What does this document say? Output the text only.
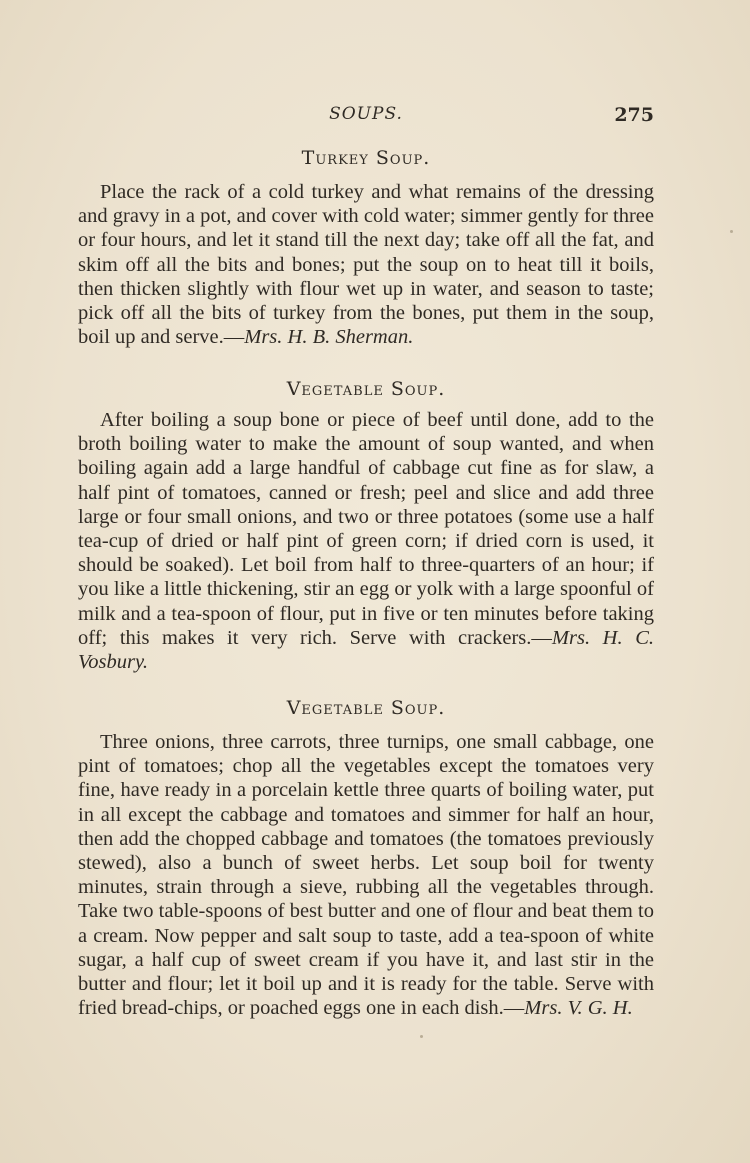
SOUPS.	275
Turkey Soup.
Place the rack of a cold turkey and what remains of the dressing and gravy in a pot, and cover with cold water; simmer gently for three or four hours, and let it stand till the next day; take off all the fat, and skim off all the bits and bones; put the soup on to heat till it boils, then thicken slightly with flour wet up in water, and season to taste; pick off all the bits of turkey from the bones, put them in the soup, boil up and serve.—Mrs. H. B. Sherman.
Vegetable Soup.
After boiling a soup bone or piece of beef until done, add to the broth boiling water to make the amount of soup wanted, and when boiling again add a large handful of cabbage cut fine as for slaw, a half pint of tomatoes, canned or fresh; peel and slice and add three large or four small onions, and two or three potatoes (some use a half tea-cup of dried or half pint of green corn; if dried corn is used, it should be soaked). Let boil from half to three-quarters of an hour; if you like a little thickening, stir an egg or yolk with a large spoonful of milk and a tea-spoon of flour, put in five or ten minutes before taking off; this makes it very rich. Serve with crackers.—Mrs. H. C. Vosbury.
Vegetable Soup.
Three onions, three carrots, three turnips, one small cabbage, one pint of tomatoes; chop all the vegetables except the tomatoes very fine, have ready in a porcelain kettle three quarts of boiling water, put in all except the cabbage and tomatoes and simmer for half an hour, then add the chopped cabbage and tomatoes (the tomatoes previously stewed), also a bunch of sweet herbs. Let soup boil for twenty minutes, strain through a sieve, rubbing all the vegetables through. Take two table-spoons of best butter and one of flour and beat them to a cream. Now pepper and salt soup to taste, add a tea-spoon of white sugar, a half cup of sweet cream if you have it, and last stir in the butter and flour; let it boil up and it is ready for the table. Serve with fried bread-chips, or poached eggs one in each dish.—Mrs. V. G. H.
